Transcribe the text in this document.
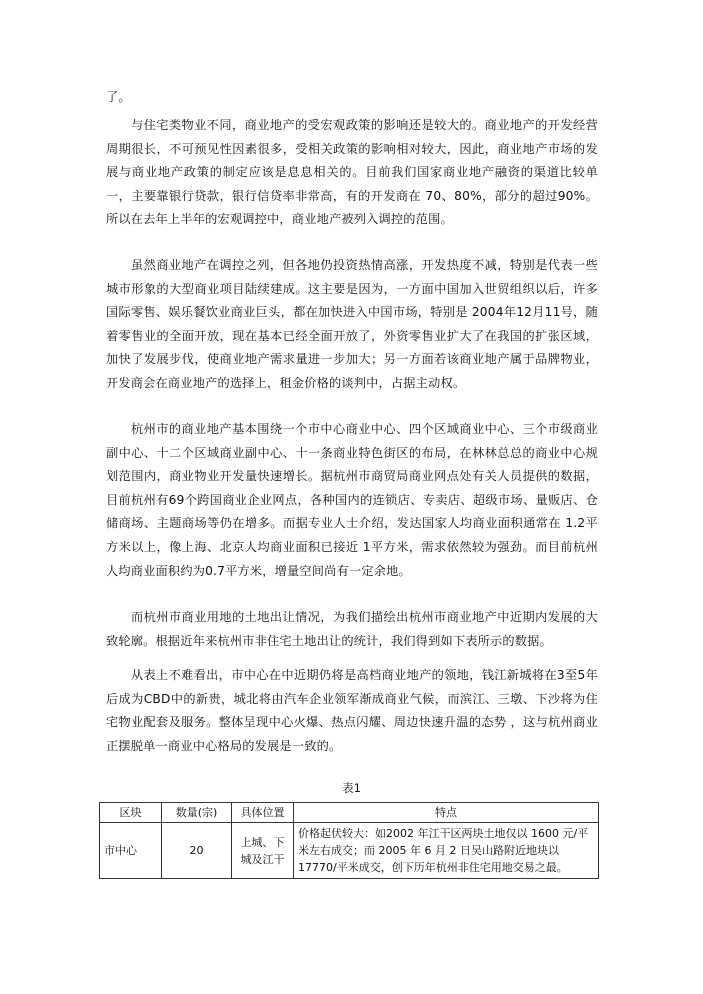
了。

与住宅类物业不同，商业地产的受宏观政策的影响还是较大的。商业地产的开发经营周期很长，不可预见性因素很多，受相关政策的影响相对较大，因此，商业地产市场的发展与商业地产政策的制定应该是息息相关的。目前我们国家商业地产融资的渠道比较单一，主要靠银行贷款，银行信贷率非常高，有的开发商在 70、80%，部分的超过90%。所以在去年上半年的宏观调控中，商业地产被列入调控的范围。

虽然商业地产在调控之列，但各地仍投资热情高涨，开发热度不减，特别是代表一些城市形象的大型商业项目陆续建成。这主要是因为，一方面中国加入世贸组织以后，许多国际零售、娱乐餐饮业商业巨头，都在加快进入中国市场，特别是 2004年12月11号，随着零售业的全面开放，现在基本已经全面开放了，外资零售业扩大了在我国的扩张区域，加快了发展步伐，使商业地产需求量进一步加大；另一方面若该商业地产属于品牌物业，开发商会在商业地产的选择上，租金价格的谈判中，占据主动权。

杭州市的商业地产基本围绕一个市中心商业中心、四个区域商业中心、三个市级商业副中心、十二个区域商业副中心、十一条商业特色街区的布局，在林林总总的商业中心规划范围内，商业物业开发量快速增长。据杭州市商贸局商业网点处有关人员提供的数据，目前杭州有69个跨国商业企业网点，各种国内的连锁店、专卖店、超级市场、量贩店、仓储商场、主题商场等仍在增多。而据专业人士介绍，发达国家人均商业面积通常在 1.2平方米以上，像上海、北京人均商业面积已接近 1平方米，需求依然较为强劲。而目前杭州人均商业面积约为0.7平方米，增量空间尚有一定余地。

而杭州市商业用地的土地出让情况，为我们描绘出杭州市商业地产中近期内发展的大致轮廓。根据近年来杭州市非住宅土地出让的统计，我们得到如下表所示的数据。

从表上不难看出，市中心在中近期仍将是高档商业地产的领地，钱江新城将在3至5年后成为CBD中的新贵，城北将由汽车企业领军渐成商业气候，而滨江、三墩、下沙将为住宅物业配套及服务。整体呈现中心火爆、热点闪耀、周边快速升温的态势 ，这与杭州商业正摆脱单一商业中心格局的发展是一致的。

表1
区块	数量(宗)	具体位置	特点
市中心	20	上城、下城及江干	价格起伏较大：如2002 年江干区两块土地仅以 1600 元/平米左右成交；而 2005 年 6 月 2 日吴山路附近地块以 17770/平米成交，创下历年杭州非住宅用地交易之最。
